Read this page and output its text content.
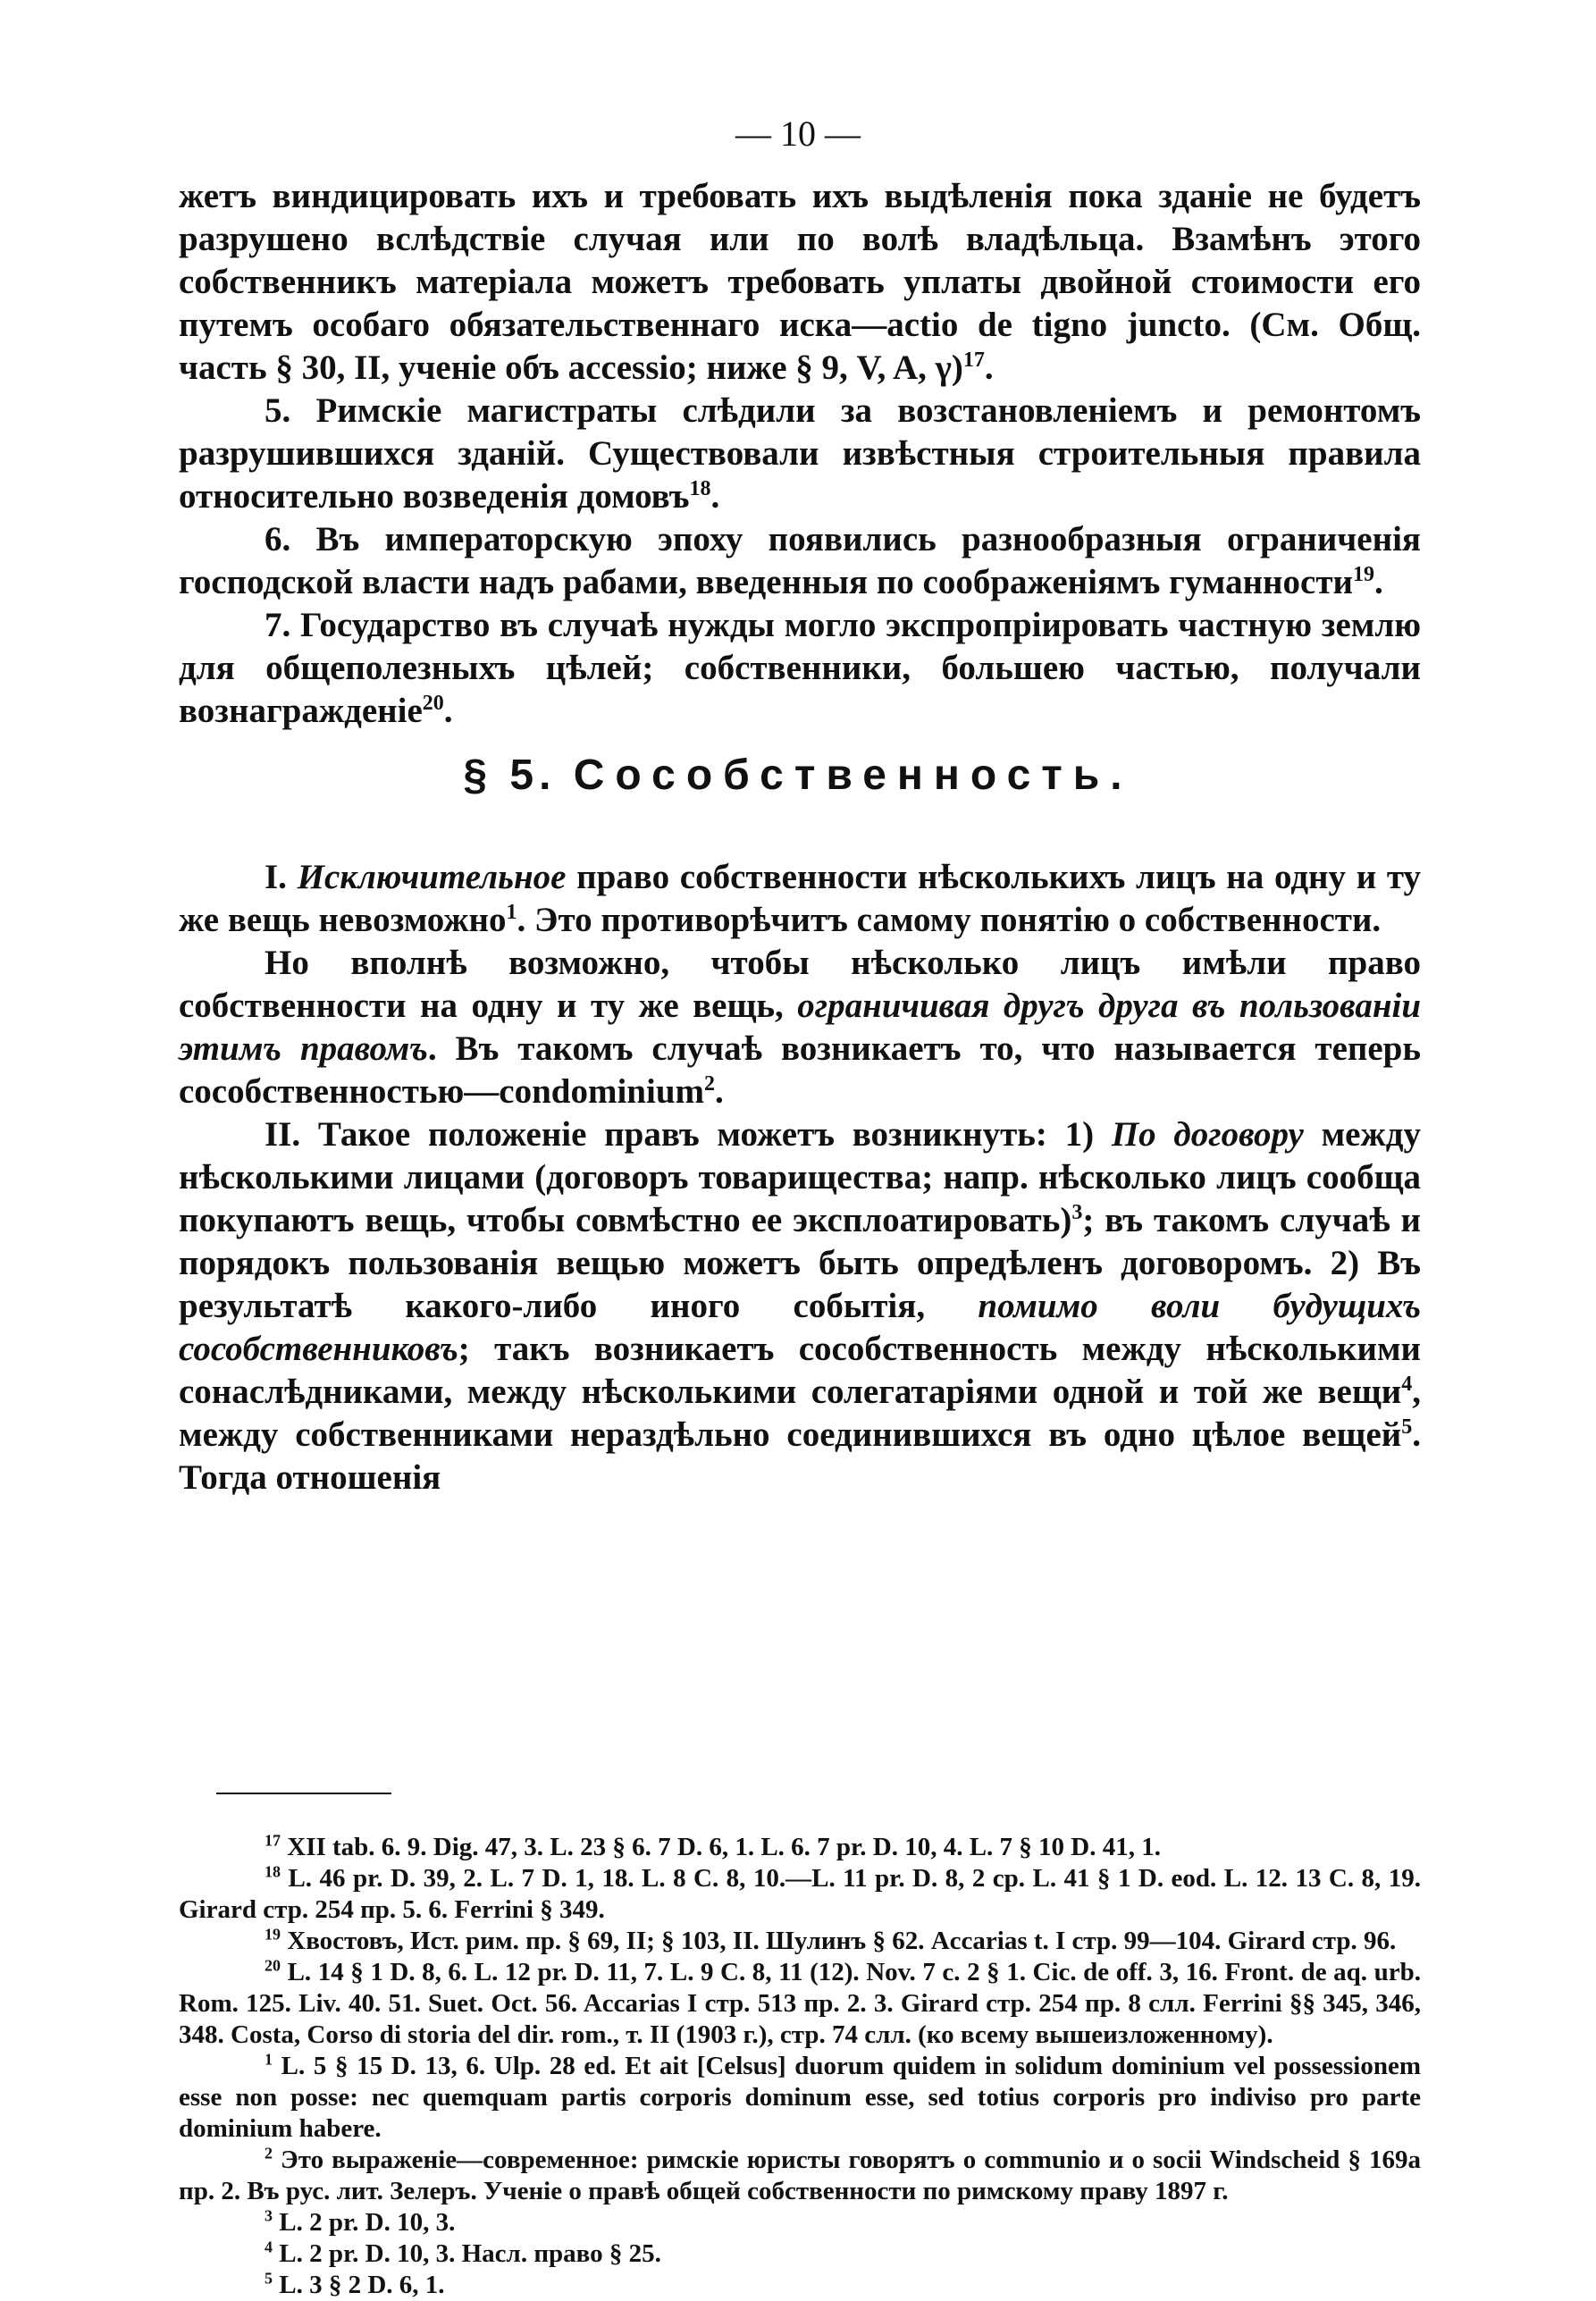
— 10 —

жетъ виндицировать ихъ и требовать ихъ выдѣленія пока зданіе не будетъ разрушено вслѣдствіе случая или по волѣ владѣльца. Взамѣнъ этого собственникъ матеріала можетъ требовать уплаты двойной стоимости его путемъ особаго обязательственнаго иска—actio de tigno juncto. (См. Общ. часть § 30, II, ученіе объ accessio; ниже § 9, V, A, γ)$^{17}$.

5. Римскіе магистраты слѣдили за возстановленіемъ и ремонтомъ разрушившихся зданій. Существовали извѣстныя строительныя правила относительно возведенія домовъ$^{18}$.

6. Въ императорскую эпоху появились разнообразныя ограниченія господской власти надъ рабами, введенныя по соображеніямъ гуманности$^{19}$.

7. Государство въ случаѣ нужды могло экспропріировать частную землю для общеполезныхъ цѣлей; собственники, большею частью, получали вознагражденіе$^{20}$.

§ 5. Сособственность.

I. Исключительное право собственности нѣсколькихъ лицъ на одну и ту же вещь невозможно$^1$. Это противорѣчитъ самому понятію о собственности.

Но вполнѣ возможно, чтобы нѣсколько лицъ имѣли право собственности на одну и ту же вещь, ограничивая другъ друга въ пользованіи этимъ правомъ. Въ такомъ случаѣ возникаетъ то, что называется теперь сособственностью—condominium$^2$.

II. Такое положеніе правъ можетъ возникнуть: 1) По договору между нѣсколькими лицами (договоръ товарищества; напр. нѣсколько лицъ сообща покупаютъ вещь, чтобы совмѣстно ее эксплоатировать)$^3$; въ такомъ случаѣ и порядокъ пользованія вещью можетъ быть опредѣленъ договоромъ. 2) Въ результатѣ какого-либо иного событія, помимо воли будущихъ сособственниковъ; такъ возникаетъ сособственность между нѣсколькими сонаслѣдниками, между нѣсколькими солегатаріями одной и той же вещи$^4$, между собственниками нераздѣльно соединившихся въ одно цѣлое вещей$^5$. Тогда отношенія

$^{17}$ XII tab. 6. 9. Dig. 47, 3. L. 23 § 6. 7 D. 6, 1. L. 6. 7 pr. D. 10, 4. L. 7 § 10 D. 41, 1.

$^{18}$ L. 46 pr. D. 39, 2. L. 7 D. 1, 18. L. 8 C. 8, 10.—L. 11 pr. D. 8, 2 cp. L. 41 § 1 D. eod. L. 12. 13 C. 8, 19. Girard стр. 254 пр. 5. 6. Ferrini § 349.

$^{19}$ Хвостовъ, Ист. рим. пр. § 69, II; § 103, II. Шулинъ § 62. Accarias t. I стр. 99—104. Girard стр. 96.

$^{20}$ L. 14 § 1 D. 8, 6. L. 12 pr. D. 11, 7. L. 9 C. 8, 11 (12). Nov. 7 c. 2 § 1. Cic. de off. 3, 16. Front. de aq. urb. Rom. 125. Liv. 40. 51. Suet. Oct. 56. Accarias I стр. 513 пр. 2. 3. Girard стр. 254 пр. 8 слл. Ferrini §§ 345, 346, 348. Costa, Corso di storia del dir. rom., т. II (1903 г.), стр. 74 слл. (ко всему вышеизложенному).

$^1$ L. 5 § 15 D. 13, 6. Ulp. 28 ed. Et ait [Celsus] duorum quidem in solidum dominium vel possessionem esse non posse: nec quemquam partis corporis dominum esse, sed totius corporis pro indiviso pro parte dominium habere.

$^2$ Это выраженіе—современное: римскіе юристы говорятъ о communio и о socii Windscheid § 169a пр. 2. Въ рус. лит. Зелеръ. Ученіе о правѣ общей собственности по римскому праву 1897 г.

$^3$ L. 2 pr. D. 10, 3.

$^4$ L. 2 pr. D. 10, 3. Насл. право § 25.

$^5$ L. 3 § 2 D. 6, 1.
